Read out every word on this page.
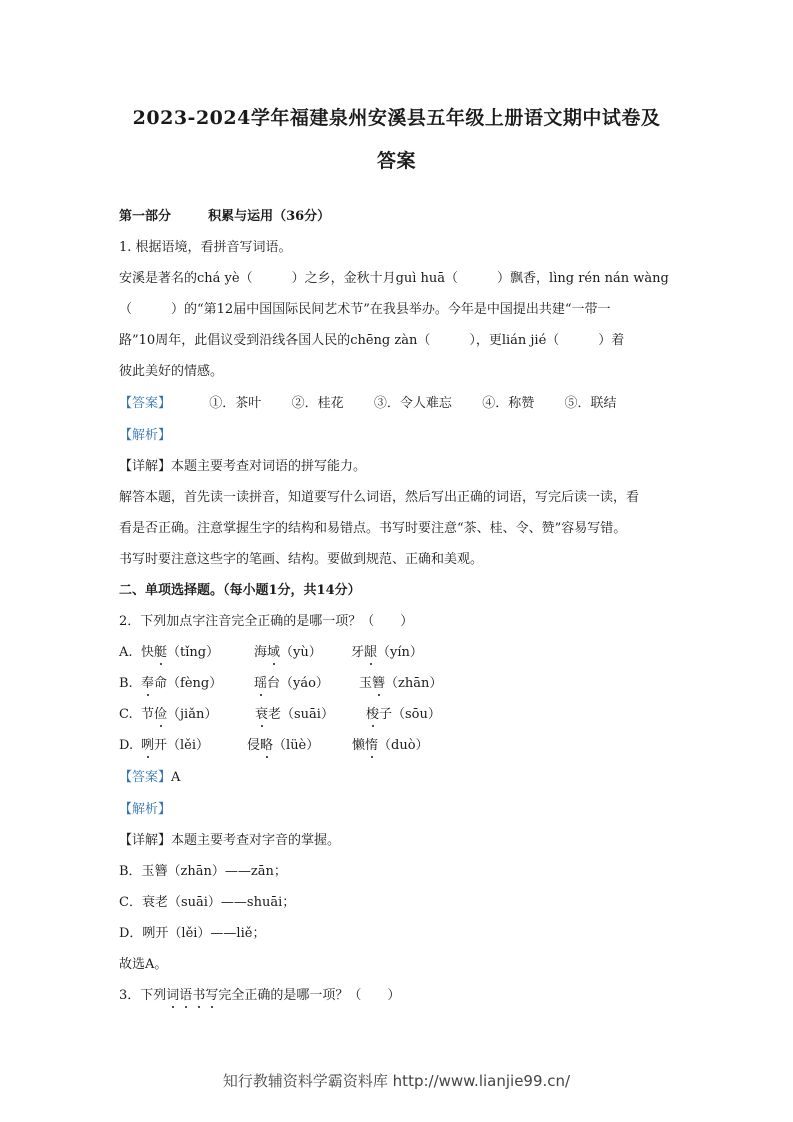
2023-2024学年福建泉州安溪县五年级上册语文期中试卷及
答案
第一部分	积累与运用（36分）
1. 根据语境，看拼音写词语。
安溪是著名的chá yè（　　　）之乡，金秋十月guì huā（　　　）飘香，lìng rén nán wàng
（　　　）的“第12届中国国际民间艺术节”在我县举办。今年是中国提出共建“一带一
路”10周年，此倡议受到沿线各国人民的chēng zàn（　　　），更lián jié（　　　）着
彼此美好的情感。
【答案】	①．茶叶 ②．桂花 ③．令人难忘 ④．称赞 ⑤．联结
【解析】
【详解】本题主要考查对词语的拼写能力。
解答本题，首先读一读拼音，知道要写什么词语，然后写出正确的词语，写完后读一读，看
看是否正确。注意掌握生字的结构和易错点。书写时要注意“茶、桂、令、赞”容易写错。
书写时要注意这些字的笔画、结构。要做到规范、正确和美观。
二、单项选择题。（每小题1分，共14分）
2．下列加点字注音完全正确的是哪一项？（　　）
A. 快艇（tǐng）	海域（yù） 牙龈（yín）
B. 奉命（fèng） 瑶台（yáo） 玉簪（zhān）
C. 节俭（jiǎn）	衰老（suāi） 梭子（sōu）
D. 咧开（lěi）	侵略（lüè）	懒惰（duò）
【答案】A
【解析】
【详解】本题主要考查对字音的掌握。
B．玉簪（zhān）——zān；
C．衰老（suāi）——shuāi；
D．咧开（lěi）——liě；
故选A。
3．下列词语书写完全正确的是哪一项？（　　）
知行教辅资料学霸资料库 http://www.lianjie99.cn/
